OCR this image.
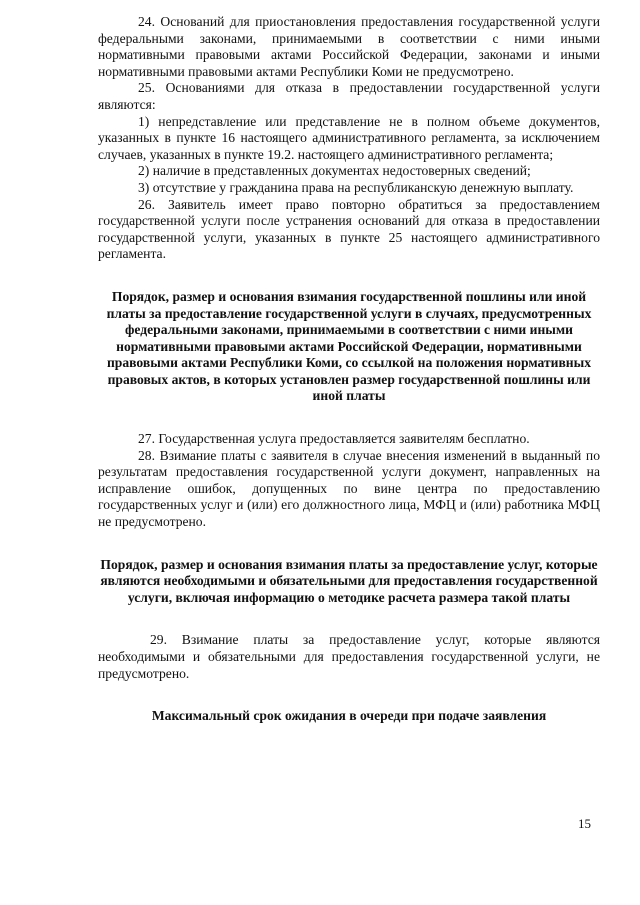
24. Оснований для приостановления предоставления государственной услуги федеральными законами, принимаемыми в соответствии с ними иными нормативными правовыми актами Российской Федерации, законами и иными нормативными правовыми актами Республики Коми не предусмотрено.

25. Основаниями для отказа в предоставлении государственной услуги являются:

1) непредставление или представление не в полном объеме документов, указанных в пункте 16 настоящего административного регламента, за исключением случаев, указанных в пункте 19.2. настоящего административного регламента;

2) наличие в представленных документах недостоверных сведений;

3) отсутствие у гражданина права на республиканскую денежную выплату.

26. Заявитель имеет право повторно обратиться за предоставлением государственной услуги после устранения оснований для отказа в предоставлении государственной услуги, указанных в пункте 25 настоящего административного регламента.

Порядок, размер и основания взимания государственной пошлины или иной платы за предоставление государственной услуги в случаях, предусмотренных федеральными законами, принимаемыми в соответствии с ними иными нормативными правовыми актами Российской Федерации, нормативными правовыми актами Республики Коми, со ссылкой на положения нормативных правовых актов, в которых установлен размер государственной пошлины или иной платы

27. Государственная услуга предоставляется заявителям бесплатно.

28. Взимание платы с заявителя в случае внесения изменений в выданный по результатам предоставления государственной услуги документ, направленных на исправление ошибок, допущенных по вине центра по предоставлению государственных услуг и (или) его должностного лица, МФЦ и (или) работника МФЦ не предусмотрено.

Порядок, размер и основания взимания платы за предоставление услуг, которые являются необходимыми и обязательными для предоставления государственной услуги, включая информацию о методике расчета размера такой платы

29. Взимание платы за предоставление услуг, которые являются необходимыми и обязательными для предоставления государственной услуги, не предусмотрено.

Максимальный срок ожидания в очереди при подаче заявления

15
